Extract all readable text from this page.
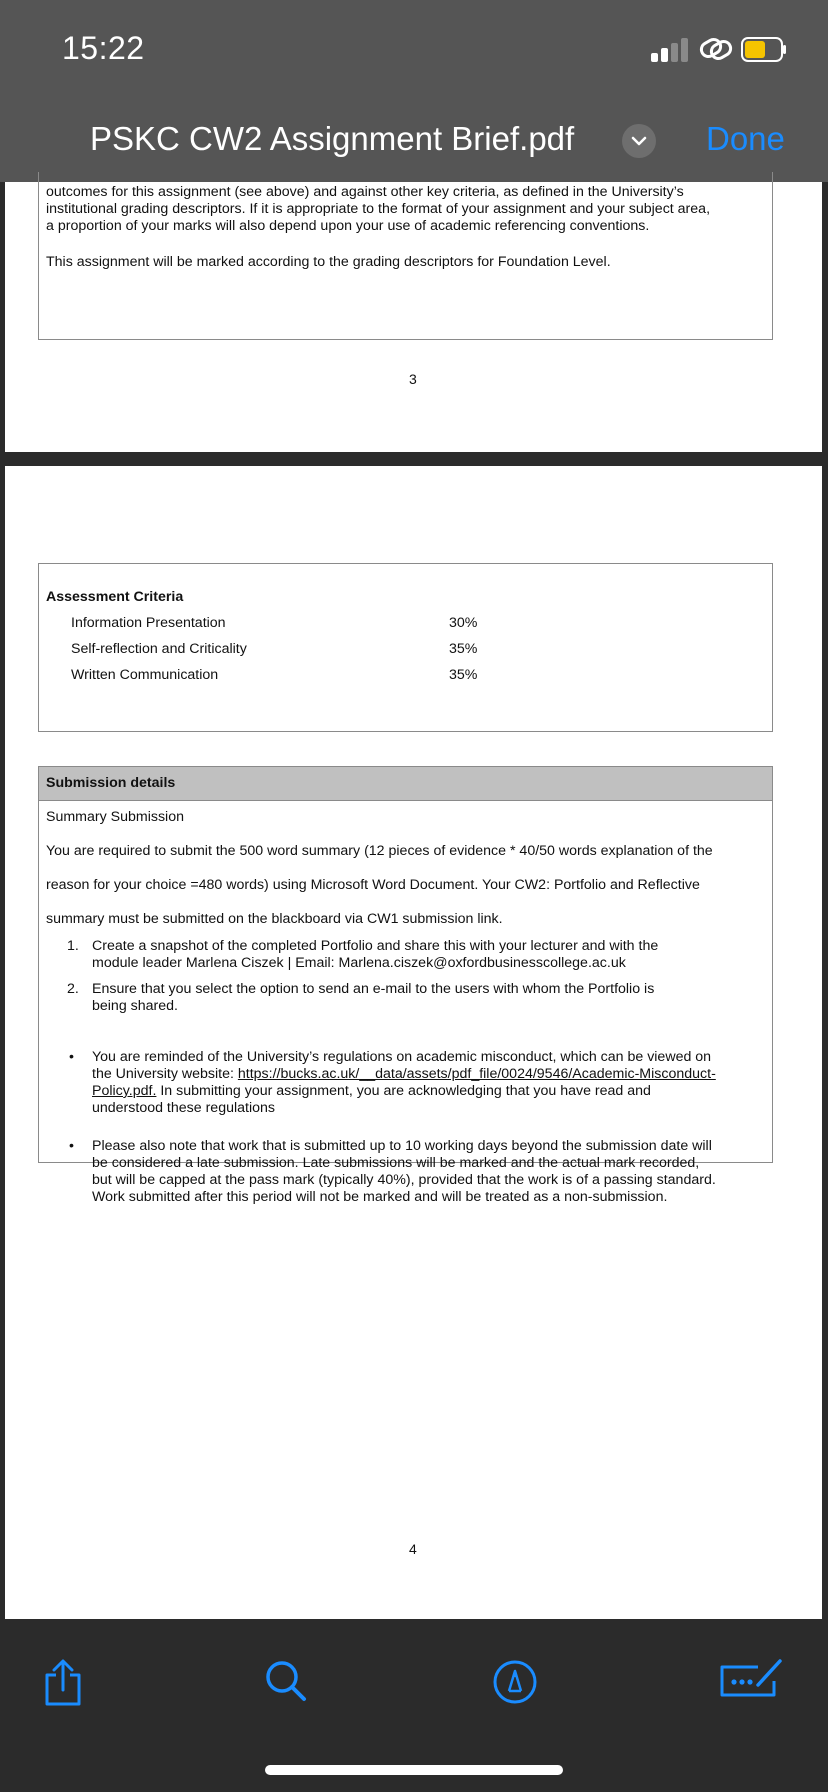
15:22
PSKC CW2 Assignment Brief.pdf	Done
outcomes for this assignment (see above) and against other key criteria, as defined in the University’s
institutional grading descriptors. If it is appropriate to the format of your assignment and your subject area,
a proportion of your marks will also depend upon your use of academic referencing conventions.
This assignment will be marked according to the grading descriptors for Foundation Level.
3
Assessment Criteria
Information Presentation	30%
Self-reflection and Criticality	35%
Written Communication	35%
Submission details
Summary Submission
You are required to submit the 500 word summary (12 pieces of evidence * 40/50 words explanation of the
reason for your choice =480 words) using Microsoft Word Document. Your CW2: Portfolio and Reflective
summary must be submitted on the blackboard via CW1 submission link.
1. Create a snapshot of the completed Portfolio and share this with your lecturer and with the
module leader Marlena Ciszek | Email: Marlena.ciszek@oxfordbusinesscollege.ac.uk
2. Ensure that you select the option to send an e-mail to the users with whom the Portfolio is
being shared.
• You are reminded of the University’s regulations on academic misconduct, which can be viewed on
the University website: https://bucks.ac.uk/__data/assets/pdf_file/0024/9546/Academic-Misconduct-
Policy.pdf. In submitting your assignment, you are acknowledging that you have read and
understood these regulations
• Please also note that work that is submitted up to 10 working days beyond the submission date will
be considered a late submission. Late submissions will be marked and the actual mark recorded,
but will be capped at the pass mark (typically 40%), provided that the work is of a passing standard.
Work submitted after this period will not be marked and will be treated as a non-submission.
4
